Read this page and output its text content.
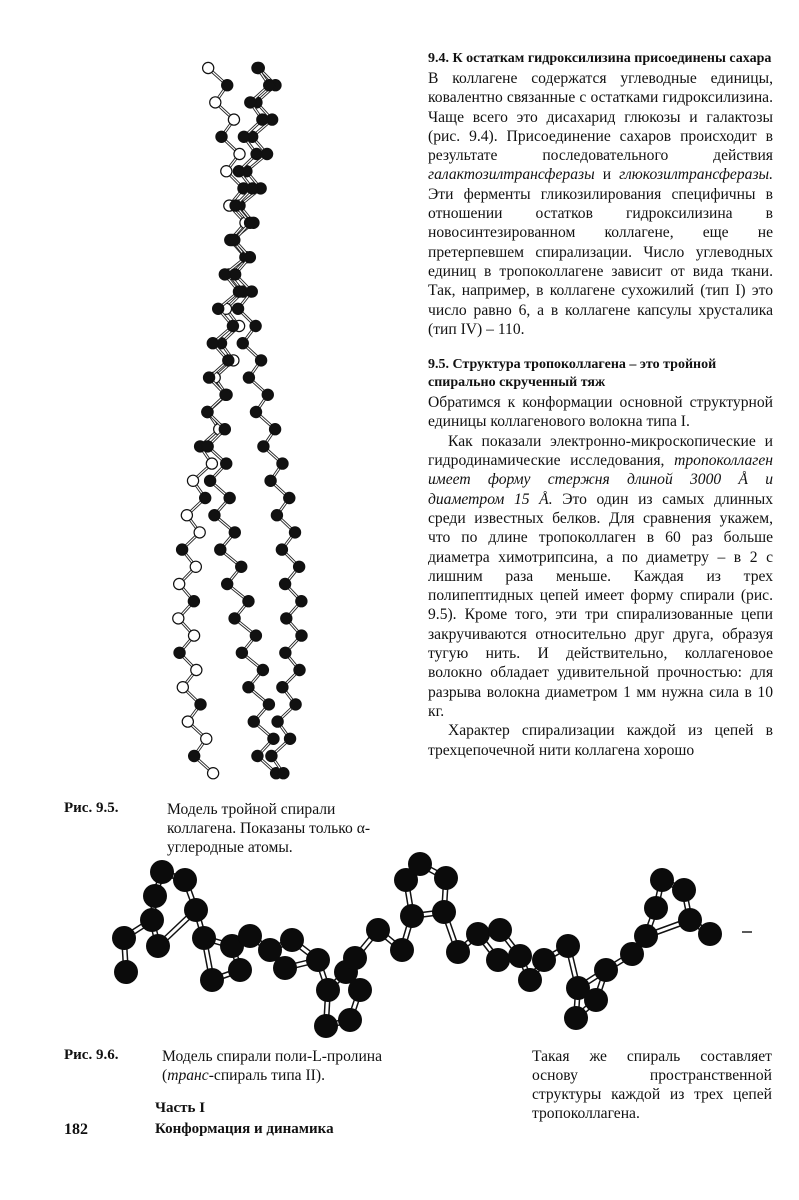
9.4. К остаткам гидроксилизина присоединены сахара

В коллагене содержатся углеводные единицы, ковалентно связанные с остатками гидроксилизина. Чаще всего это дисахарид глюкозы и галактозы (рис. 9.4). Присоединение сахаров происходит в результате последовательного действия галактозилтрансферазы и глюкозилтрансферазы. Эти ферменты гликозилирования специфичны в отношении остатков гидроксилизина в новосинтезированном коллагене, еще не претерпевшем спирализации. Число углеводных единиц в тропоколлагене зависит от вида ткани. Так, например, в коллагене сухожилий (тип I) это число равно 6, а в коллагене капсулы хрусталика (тип IV) – 110.

9.5. Структура тропоколлагена – это тройной спирально скрученный тяж

Обратимся к конформации основной структурной единицы коллагенового волокна типа I.

Как показали электронно-микроскопические и гидродинамические исследования, тропоколлаген имеет форму стержня длиной 3000 Å и диаметром 15 Å. Это один из самых длинных среди известных белков. Для сравнения укажем, что по длине тропоколлаген в 60 раз больше диаметра химотрипсина, а по диаметру – в 2 с лишним раза меньше. Каждая из трех полипептидных цепей имеет форму спирали (рис. 9.5). Кроме того, эти три спирализованные цепи закручиваются относительно друг друга, образуя тугую нить. И действительно, коллагеновое волокно обладает удивительной прочностью: для разрыва волокна диаметром 1 мм нужна сила в 10 кг.

Характер спирализации каждой из цепей в трехцепочечной нити коллагена хорошо

Рис. 9.5.	Модель тройной спирали коллагена. Показаны только α-углеродные атомы.
Рис. 9.6.	Модель спирали поли-L-пролина (транс-спираль типа II).
Такая же спираль составляет основу пространственной структуры каждой из трех цепей тропоколлагена.
Часть I
182	Конформация и динамика
